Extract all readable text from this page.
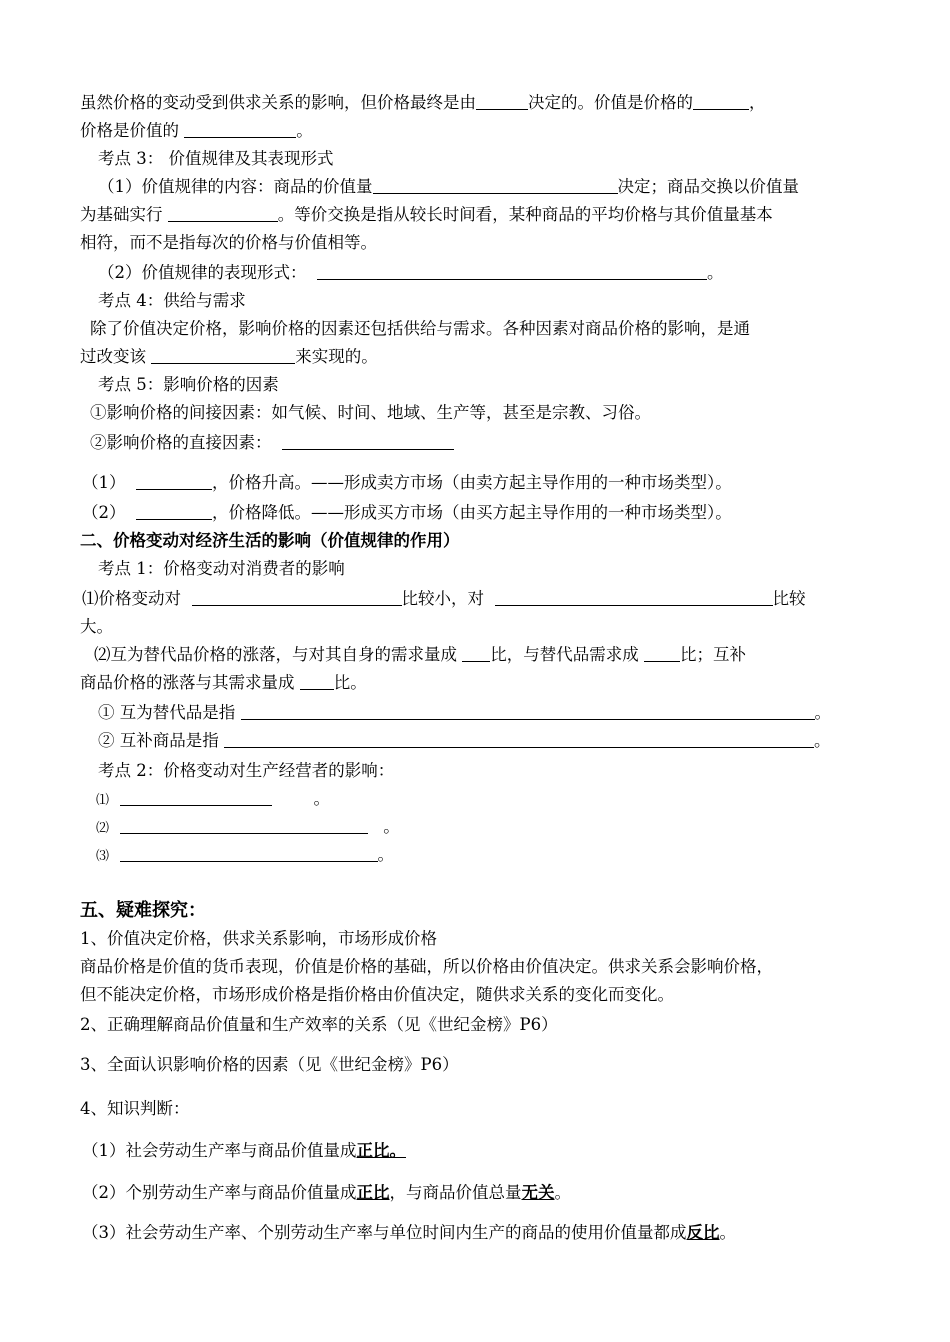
虽然价格的变动受到供求关系的影响，但价格最终是由	决定的。价值是价格的	，
价格是价值的	。
考点 3： 价值规律及其表现形式
（1）价值规律的内容：商品的价值量	决定；商品交换以价值量
为基础实行	。等价交换是指从较长时间看，某种商品的平均价格与其价值量基本
相符，而不是指每次的价格与价值相等。
（2）价值规律的表现形式：	。
考点 4：供给与需求
除了价值决定价格，影响价格的因素还包括供给与需求。各种因素对商品价格的影响，是通
过改变该	来实现的。
考点 5：影响价格的因素
①影响价格的间接因素：如气候、时间、地域、生产等，甚至是宗教、习俗。
②影响价格的直接因素：
（1）	，价格升高。——形成卖方市场（由卖方起主导作用的一种市场类型）。
（2）	，价格降低。——形成买方市场（由买方起主导作用的一种市场类型）。
二、价格变动对经济生活的影响（价值规律的作用）
考点 1：价格变动对消费者的影响
⑴价格变动对	比较小，对	比较
大。
⑵互为替代品价格的涨落，与对其自身的需求量成 比，与替代品需求成	比；互补
商品价格的涨落与其需求量成 比。
① 互为替代品是指	。
② 互补商品是指	。
考点 2：价格变动对生产经营者的影响：
⑴	。
⑵	。
⑶	。
五、疑难探究：
1、价值决定价格，供求关系影响，市场形成价格
商品价格是价值的货币表现，价值是价格的基础，所以价格由价值决定。供求关系会影响价格，
但不能决定价格，市场形成价格是指价格由价值决定，随供求关系的变化而变化。
2、正确理解商品价值量和生产效率的关系（见《世纪金榜》P6）
3、全面认识影响价格的因素（见《世纪金榜》P6）
4、知识判断：
（1）社会劳动生产率与商品价值量成正比。
（2）个别劳动生产率与商品价值量成正比，与商品价值总量无关。
（3）社会劳动生产率、个别劳动生产率与单位时间内生产的商品的使用价值量都成反比。
